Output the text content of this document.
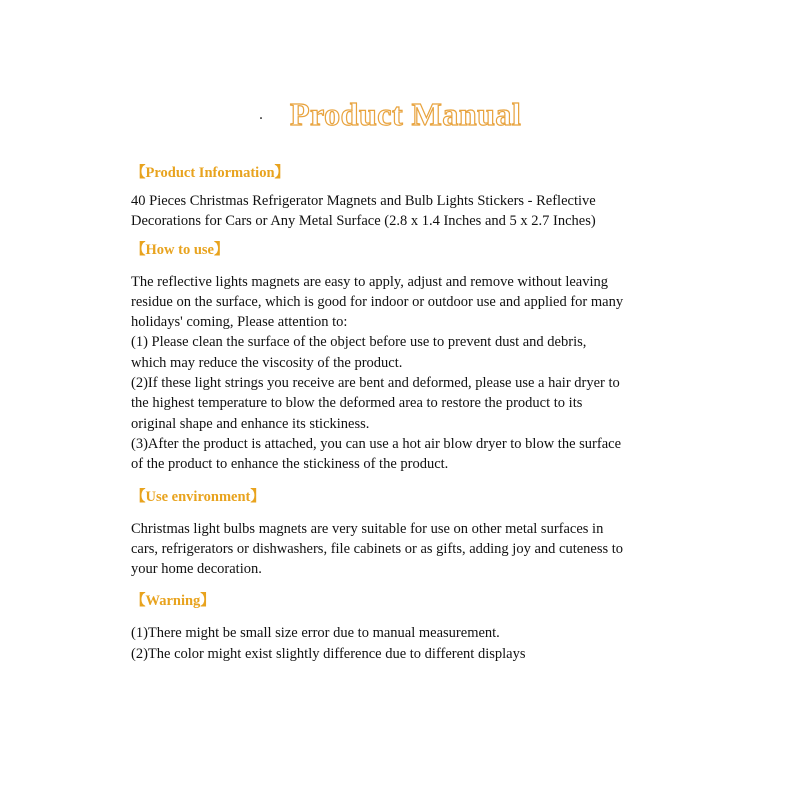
. Product Manual
【Product Information】
40 Pieces Christmas Refrigerator Magnets and Bulb Lights Stickers - Reflective
Decorations for Cars or Any Metal Surface (2.8 x 1.4 Inches and 5 x 2.7 Inches)
【How to use】
The reflective lights magnets are easy to apply, adjust and remove without leaving
residue on the surface, which is good for indoor or outdoor use and applied for many
holidays' coming, Please attention to:
(1) Please clean the surface of the object before use to prevent dust and debris,
which may reduce the viscosity of the product.
(2)If these light strings you receive are bent and deformed, please use a hair dryer to
the highest temperature to blow the deformed area to restore the product to its
original shape and enhance its stickiness.
(3)After the product is attached, you can use a hot air blow dryer to blow the surface
of the product to enhance the stickiness of the product.
【Use environment】
Christmas light bulbs magnets are very suitable for use on other metal surfaces in
cars, refrigerators or dishwashers, file cabinets or as gifts, adding joy and cuteness to
your home decoration.
【Warning】
(1)There might be small size error due to manual measurement.
(2)The color might exist slightly difference due to different displays
